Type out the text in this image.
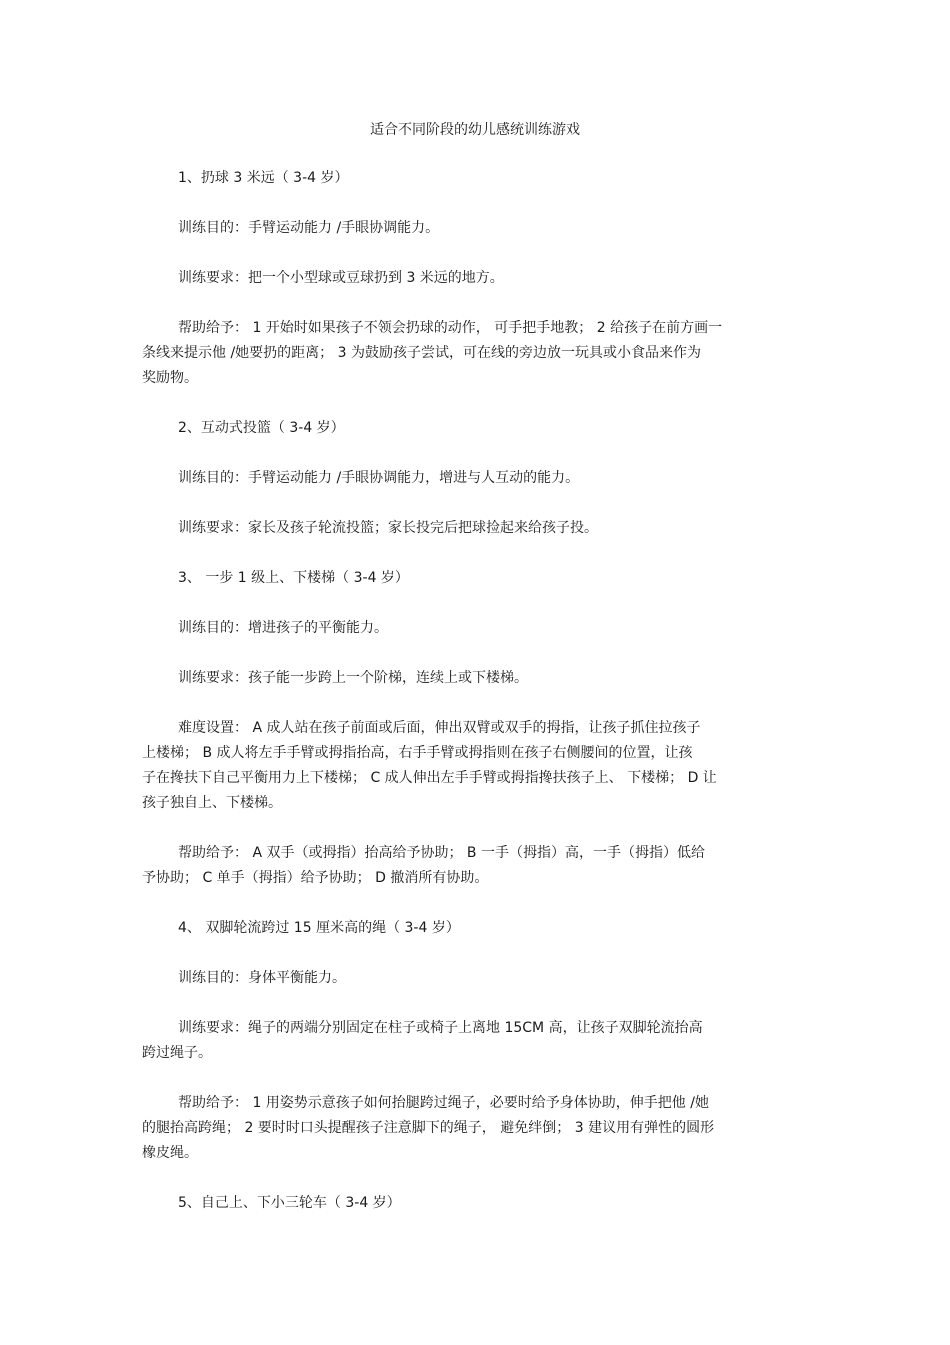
适合不同阶段的幼儿感统训练游戏
1、扔球 3 米远（ 3-4 岁）
训练目的：手臂运动能力 /手眼协调能力。
训练要求：把一个小型球或豆球扔到 3 米远的地方。
帮助给予： 1 开始时如果孩子不领会扔球的动作， 可手把手地教； 2 给孩子在前方画一
条线来提示他 /她要扔的距离； 3 为鼓励孩子尝试，可在线的旁边放一玩具或小食品来作为
奖励物。
2、互动式投篮（ 3-4 岁）
训练目的：手臂运动能力 /手眼协调能力，增进与人互动的能力。
训练要求：家长及孩子轮流投篮；家长投完后把球捡起来给孩子投。
3、 一步 1 级上、下楼梯（ 3-4 岁）
训练目的：增进孩子的平衡能力。
训练要求：孩子能一步跨上一个阶梯，连续上或下楼梯。
难度设置： A 成人站在孩子前面或后面，伸出双臂或双手的拇指，让孩子抓住拉孩子
上楼梯； B 成人将左手手臂或拇指抬高，右手手臂或拇指则在孩子右侧腰间的位置，让孩
子在搀扶下自己平衡用力上下楼梯； C 成人伸出左手手臂或拇指搀扶孩子上、 下楼梯； D 让
孩子独自上、下楼梯。
帮助给予： A 双手（或拇指）抬高给予协助； B 一手（拇指）高，一手（拇指）低给
予协助； C 单手（拇指）给予协助； D 撤消所有协助。
4、 双脚轮流跨过 15 厘米高的绳（ 3-4 岁）
训练目的：身体平衡能力。
训练要求：绳子的两端分别固定在柱子或椅子上离地 15CM 高，让孩子双脚轮流抬高
跨过绳子。
帮助给予： 1 用姿势示意孩子如何抬腿跨过绳子，必要时给予身体协助，伸手把他 /她
的腿抬高跨绳； 2 要时时口头提醒孩子注意脚下的绳子， 避免绊倒； 3 建议用有弹性的圆形
橡皮绳。
5、自己上、下小三轮车（ 3-4 岁）
